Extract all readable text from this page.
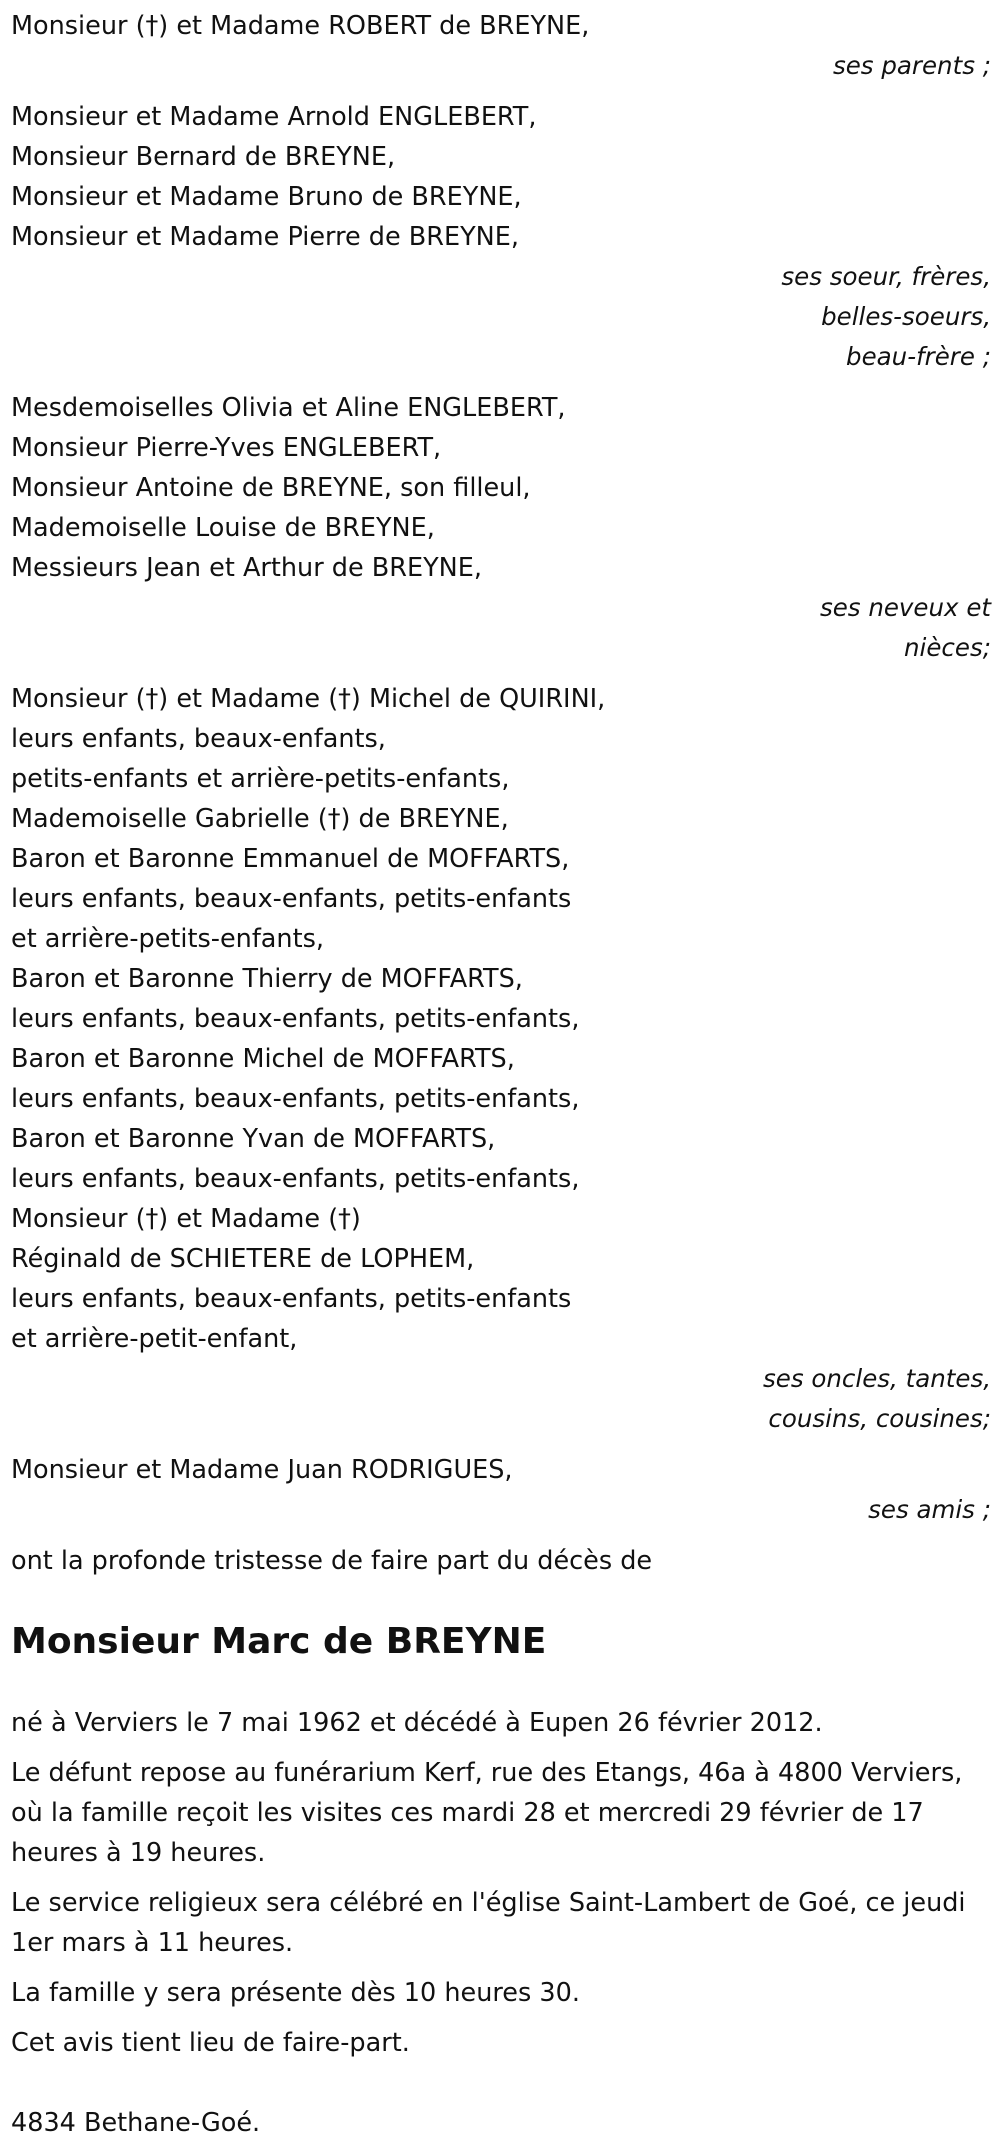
Monsieur (†) et Madame ROBERT de BREYNE,
ses parents ;
Monsieur et Madame Arnold ENGLEBERT,
Monsieur Bernard de BREYNE,
Monsieur et Madame Bruno de BREYNE,
Monsieur et Madame Pierre de BREYNE,
ses soeur, frères,
belles-soeurs,
beau-frère ;
Mesdemoiselles Olivia et Aline ENGLEBERT,
Monsieur Pierre-Yves ENGLEBERT,
Monsieur Antoine de BREYNE, son filleul,
Mademoiselle Louise de BREYNE,
Messieurs Jean et Arthur de BREYNE,
ses neveux et
nièces;
Monsieur (†) et Madame (†) Michel de QUIRINI,
leurs enfants, beaux-enfants,
petits-enfants et arrière-petits-enfants,
Mademoiselle Gabrielle (†) de BREYNE,
Baron et Baronne Emmanuel de MOFFARTS,
leurs enfants, beaux-enfants, petits-enfants
et arrière-petits-enfants,
Baron et Baronne Thierry de MOFFARTS,
leurs enfants, beaux-enfants, petits-enfants,
Baron et Baronne Michel de MOFFARTS,
leurs enfants, beaux-enfants, petits-enfants,
Baron et Baronne Yvan de MOFFARTS,
leurs enfants, beaux-enfants, petits-enfants,
Monsieur (†) et Madame (†)
Réginald de SCHIETERE de LOPHEM,
leurs enfants, beaux-enfants, petits-enfants
et arrière-petit-enfant,
ses oncles, tantes,
cousins, cousines;
Monsieur et Madame Juan RODRIGUES,
ses amis ;
ont la profonde tristesse de faire part du décès de
Monsieur Marc de BREYNE

né à Verviers le 7 mai 1962 et décédé à Eupen 26 février 2012.

Le défunt repose au funérarium Kerf, rue des Etangs, 46a à 4800 Verviers, où la famille reçoit les visites ces mardi 28 et mercredi 29 février de 17 heures à 19 heures.

Le service religieux sera célébré en l'église Saint-Lambert de Goé, ce jeudi 1er mars à 11 heures.

La famille y sera présente dès 10 heures 30.

Cet avis tient lieu de faire-part.

4834 Bethane-Goé.
